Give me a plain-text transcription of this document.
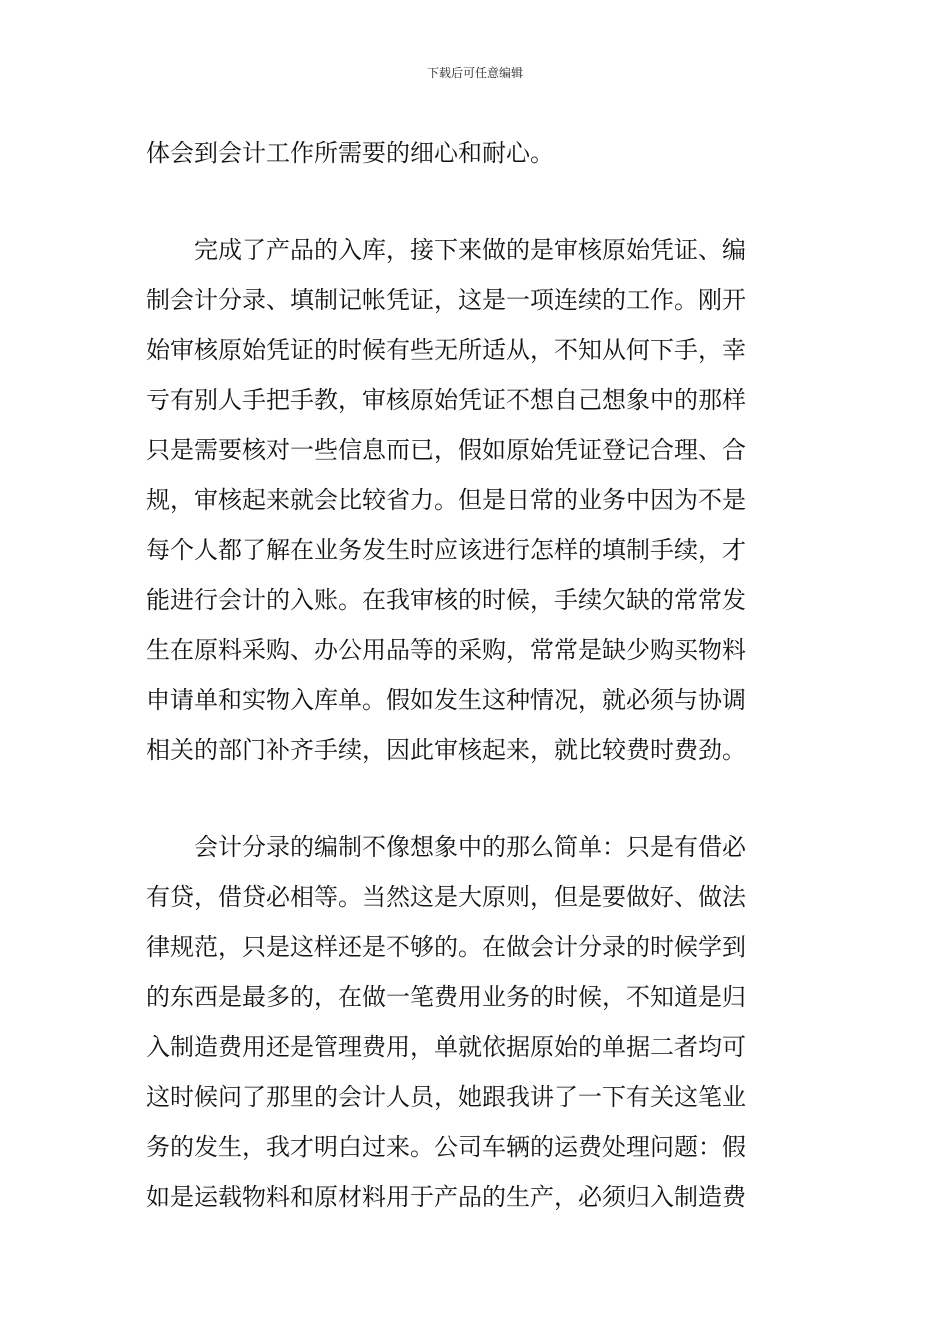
下载后可任意编辑
体会到会计工作所需要的细心和耐心。
　　完成了产品的入库，接下来做的是审核原始凭证、编
制会计分录、填制记帐凭证，这是一项连续的工作。刚开
始审核原始凭证的时候有些无所适从，不知从何下手，幸
亏有别人手把手教，审核原始凭证不想自己想象中的那样
只是需要核对一些信息而已，假如原始凭证登记合理、合
规，审核起来就会比较省力。但是日常的业务中因为不是
每个人都了解在业务发生时应该进行怎样的填制手续，才
能进行会计的入账。在我审核的时候，手续欠缺的常常发
生在原料采购、办公用品等的采购，常常是缺少购买物料
申请单和实物入库单。假如发生这种情况，就必须与协调
相关的部门补齐手续，因此审核起来，就比较费时费劲。
　　会计分录的编制不像想象中的那么简单：只是有借必
有贷，借贷必相等。当然这是大原则，但是要做好、做法
律规范，只是这样还是不够的。在做会计分录的时候学到
的东西是最多的，在做一笔费用业务的时候，不知道是归
入制造费用还是管理费用，单就依据原始的单据二者均可
这时候问了那里的会计人员，她跟我讲了一下有关这笔业
务的发生，我才明白过来。公司车辆的运费处理问题：假
如是运载物料和原材料用于产品的生产，必须归入制造费
